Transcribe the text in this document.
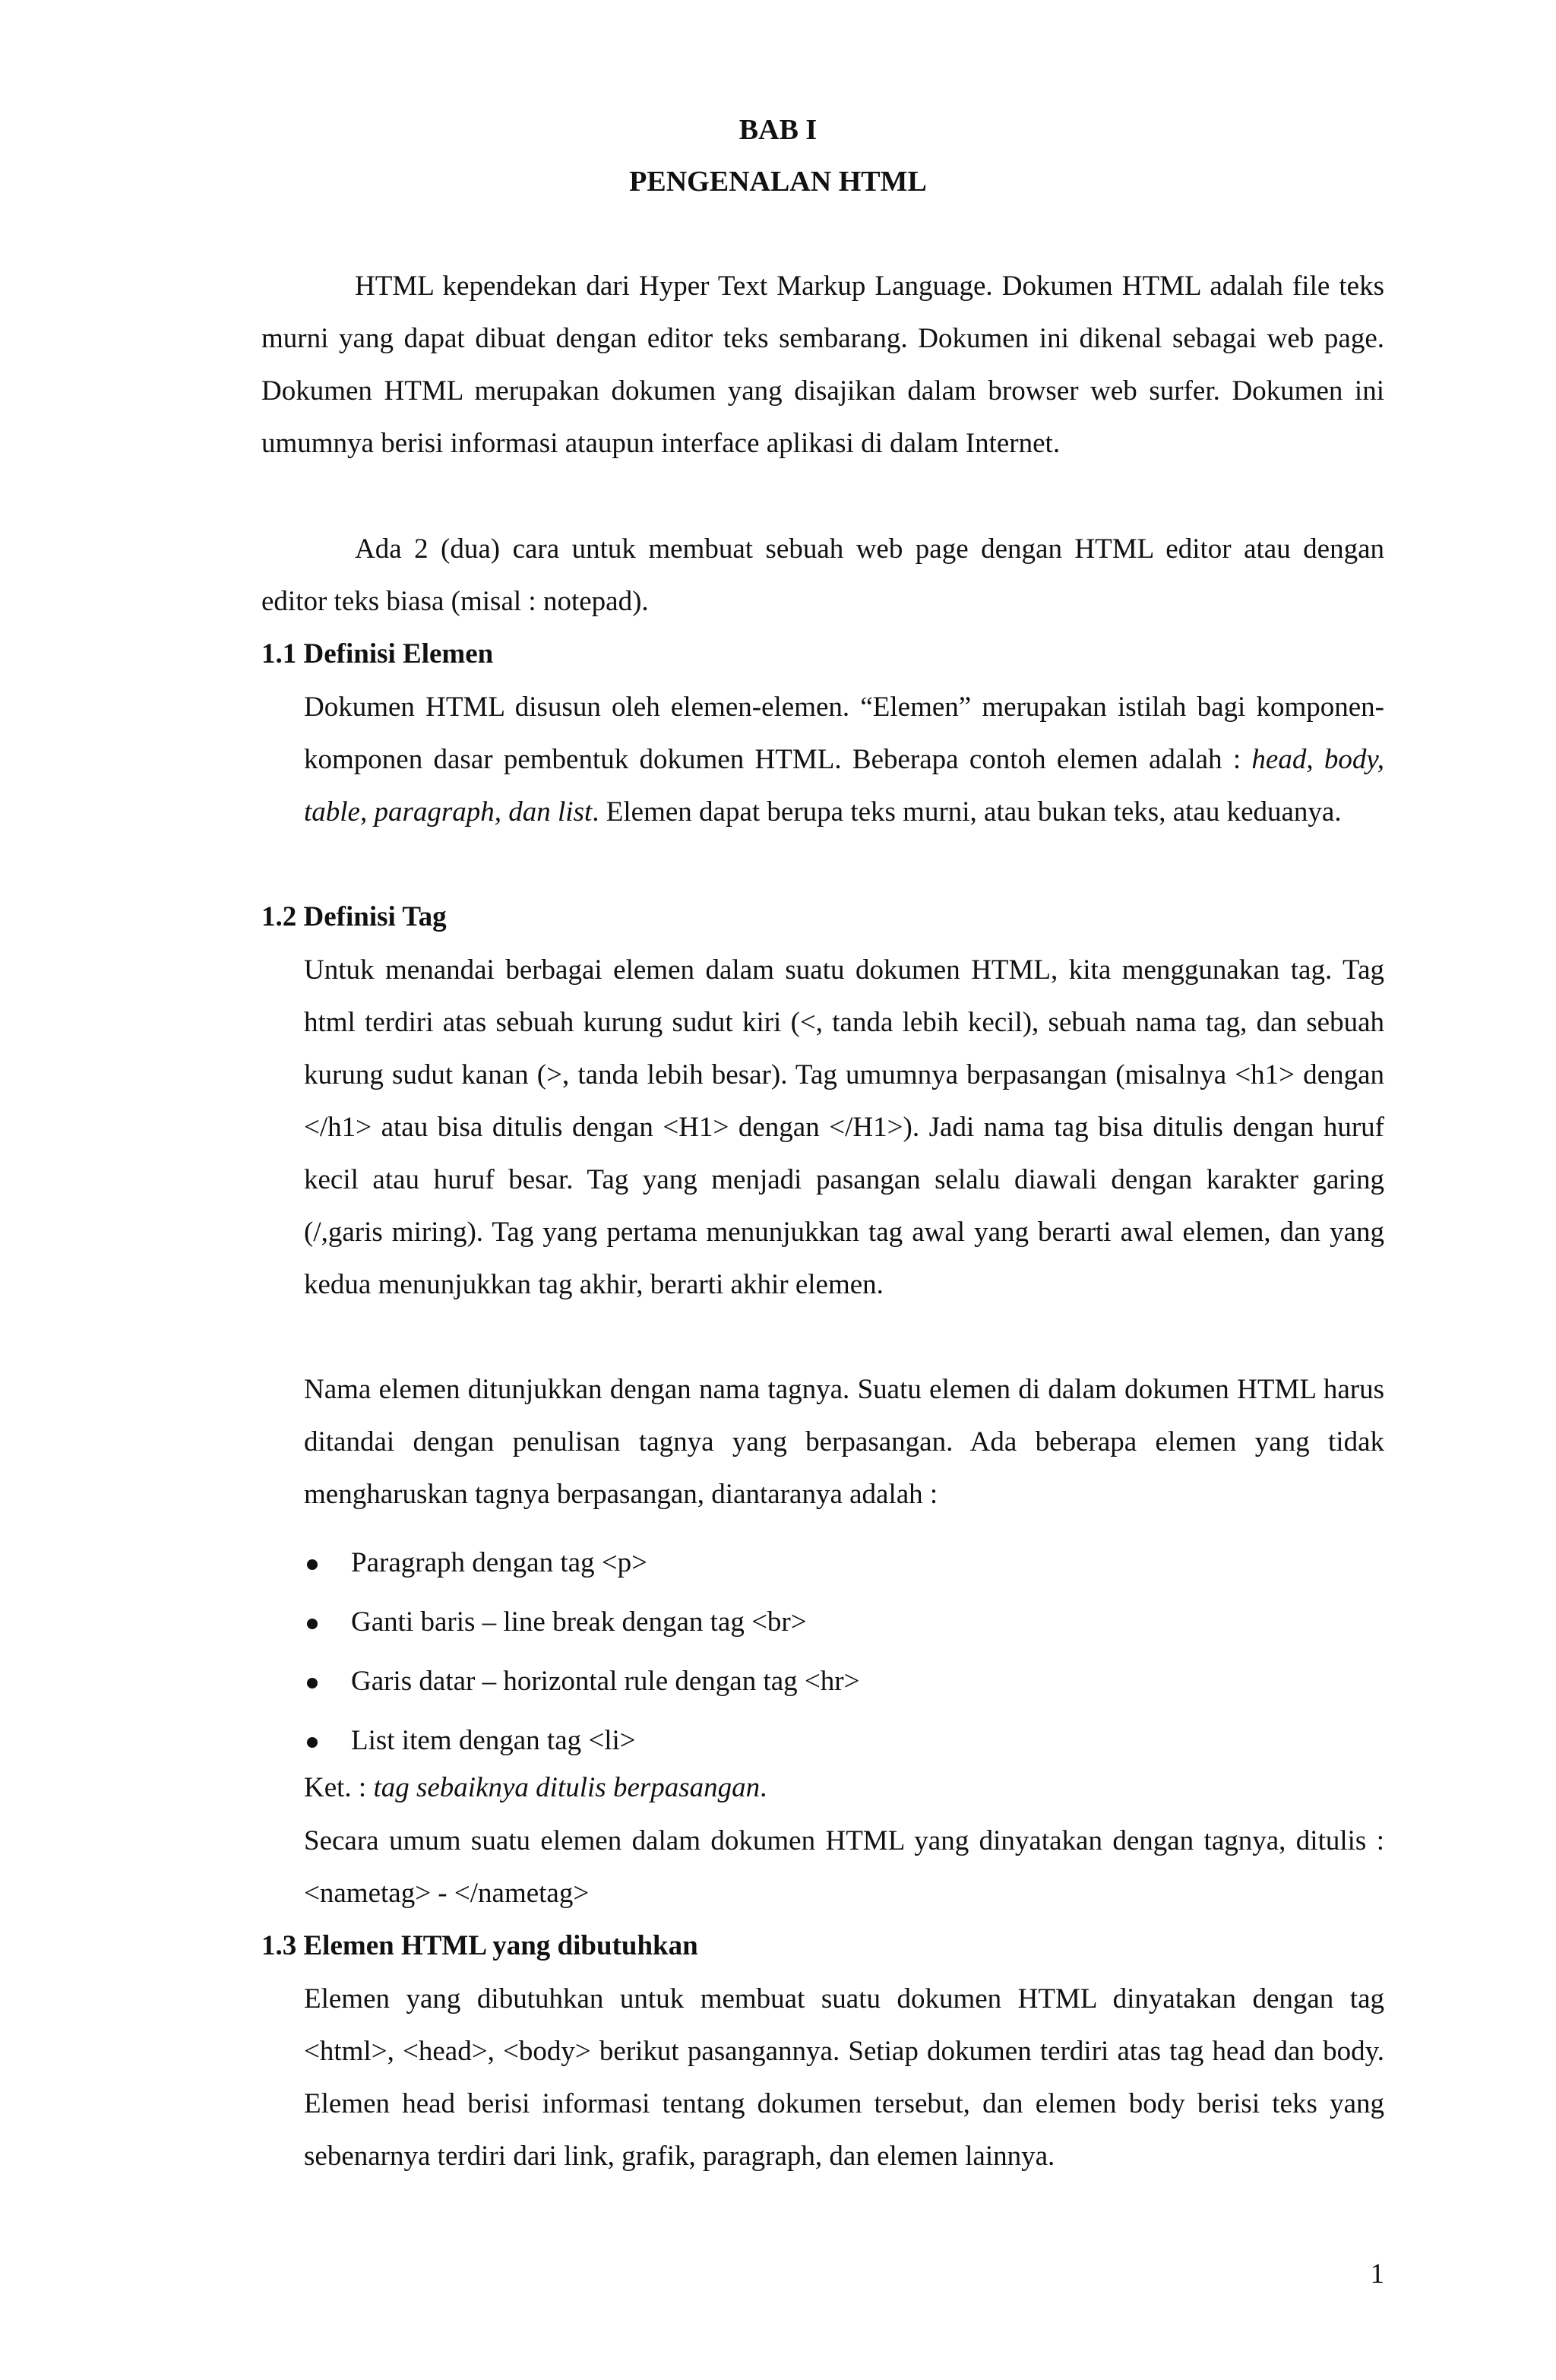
BAB I
PENGENALAN HTML
HTML kependekan dari Hyper Text Markup Language. Dokumen HTML adalah file teks murni yang dapat dibuat dengan editor teks sembarang. Dokumen ini dikenal sebagai web page. Dokumen HTML merupakan dokumen yang disajikan dalam browser web surfer. Dokumen ini umumnya berisi informasi ataupun interface aplikasi di dalam Internet.
Ada 2 (dua) cara untuk membuat sebuah web page dengan HTML editor atau dengan editor teks biasa (misal : notepad).
1.1 Definisi Elemen
Dokumen HTML disusun oleh elemen-elemen. “Elemen” merupakan istilah bagi komponen-komponen dasar pembentuk dokumen HTML. Beberapa contoh elemen adalah : head, body, table, paragraph, dan list. Elemen dapat berupa teks murni, atau bukan teks, atau keduanya.
1.2 Definisi Tag
Untuk menandai berbagai elemen dalam suatu dokumen HTML, kita menggunakan tag. Tag html terdiri atas sebuah kurung sudut kiri (<, tanda lebih kecil), sebuah nama tag, dan sebuah kurung sudut kanan (>, tanda lebih besar). Tag umumnya berpasangan (misalnya <h1> dengan </h1> atau bisa ditulis dengan <H1> dengan </H1>). Jadi nama tag bisa ditulis dengan huruf kecil atau huruf besar. Tag yang menjadi pasangan selalu diawali dengan karakter garing (/,garis miring). Tag yang pertama menunjukkan tag awal yang berarti awal elemen, dan yang kedua menunjukkan tag akhir, berarti akhir elemen.
Nama elemen ditunjukkan dengan nama tagnya. Suatu elemen di dalam dokumen HTML harus ditandai dengan penulisan tagnya yang berpasangan. Ada beberapa elemen yang tidak mengharuskan tagnya berpasangan, diantaranya adalah :
Paragraph dengan tag <p>
Ganti baris – line break dengan tag <br>
Garis datar – horizontal rule dengan tag <hr>
List item dengan tag <li>
Ket. : tag sebaiknya ditulis berpasangan.
Secara umum suatu elemen dalam dokumen HTML yang dinyatakan dengan tagnya, ditulis : <nametag> - </nametag>
1.3 Elemen HTML yang dibutuhkan
Elemen yang dibutuhkan untuk membuat suatu dokumen HTML dinyatakan dengan tag <html>, <head>, <body> berikut pasangannya. Setiap dokumen terdiri atas tag head dan body. Elemen head berisi informasi tentang dokumen tersebut, dan elemen body berisi teks yang sebenarnya terdiri dari link, grafik, paragraph, dan elemen lainnya.
1
